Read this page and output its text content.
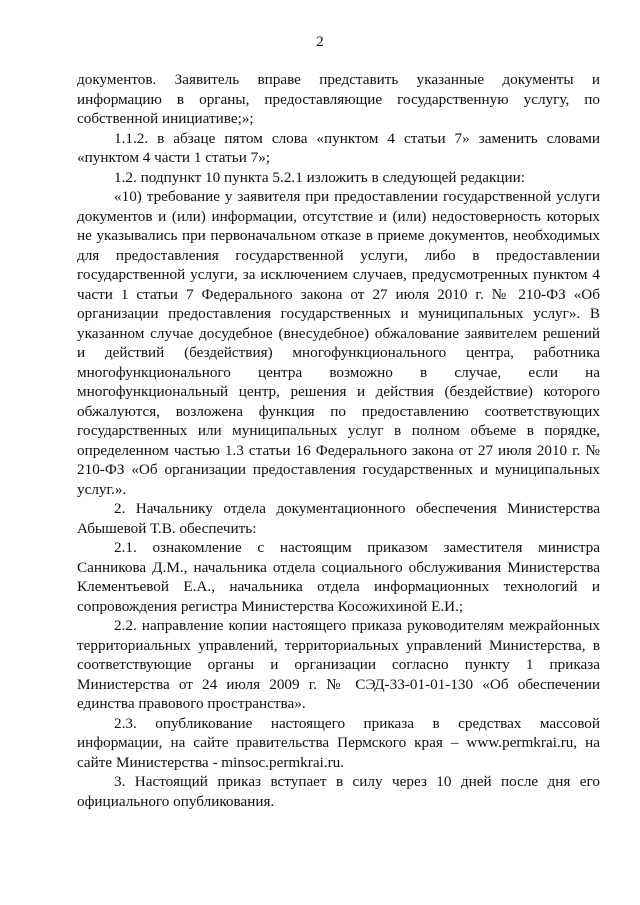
2

документов. Заявитель вправе представить указанные документы и информацию в органы, предоставляющие государственную услугу, по собственной инициативе;»;

1.1.2. в абзаце пятом слова «пунктом 4 статьи 7» заменить словами «пунктом 4 части 1 статьи 7»;

1.2. подпункт 10 пункта 5.2.1 изложить в следующей редакции:

«10) требование у заявителя при предоставлении государственной услуги документов и (или) информации, отсутствие и (или) недостоверность которых не указывались при первоначальном отказе в приеме документов, необходимых для предоставления государственной услуги, либо в предоставлении государственной услуги, за исключением случаев, предусмотренных пунктом 4 части 1 статьи 7 Федерального закона от 27 июля 2010 г. № 210-ФЗ «Об организации предоставления государственных и муниципальных услуг». В указанном случае досудебное (внесудебное) обжалование заявителем решений и действий (бездействия) многофункционального центра, работника многофункционального центра возможно в случае, если на многофункциональный центр, решения и действия (бездействие) которого обжалуются, возложена функция по предоставлению соответствующих государственных или муниципальных услуг в полном объеме в порядке, определенном частью 1.3 статьи 16 Федерального закона от 27 июля 2010 г. № 210-ФЗ «Об организации предоставления государственных и муниципальных услуг.».

2. Начальнику отдела документационного обеспечения Министерства Абышевой Т.В. обеспечить:

2.1. ознакомление с настоящим приказом заместителя министра Санникова Д.М., начальника отдела социального обслуживания Министерства Клементьевой Е.А., начальника отдела информационных технологий и сопровождения регистра Министерства Косожихиной Е.И.;

2.2. направление копии настоящего приказа руководителям межрайонных территориальных управлений, территориальных управлений Министерства, в соответствующие органы и организации согласно пункту 1 приказа Министерства от 24 июля 2009 г. № СЭД-33-01-01-130 «Об обеспечении единства правового пространства».

2.3. опубликование настоящего приказа в средствах массовой информации, на сайте правительства Пермского края – www.permkrai.ru, на сайте Министерства - minsoc.permkrai.ru.

3. Настоящий приказ вступает в силу через 10 дней после дня его официального опубликования.
